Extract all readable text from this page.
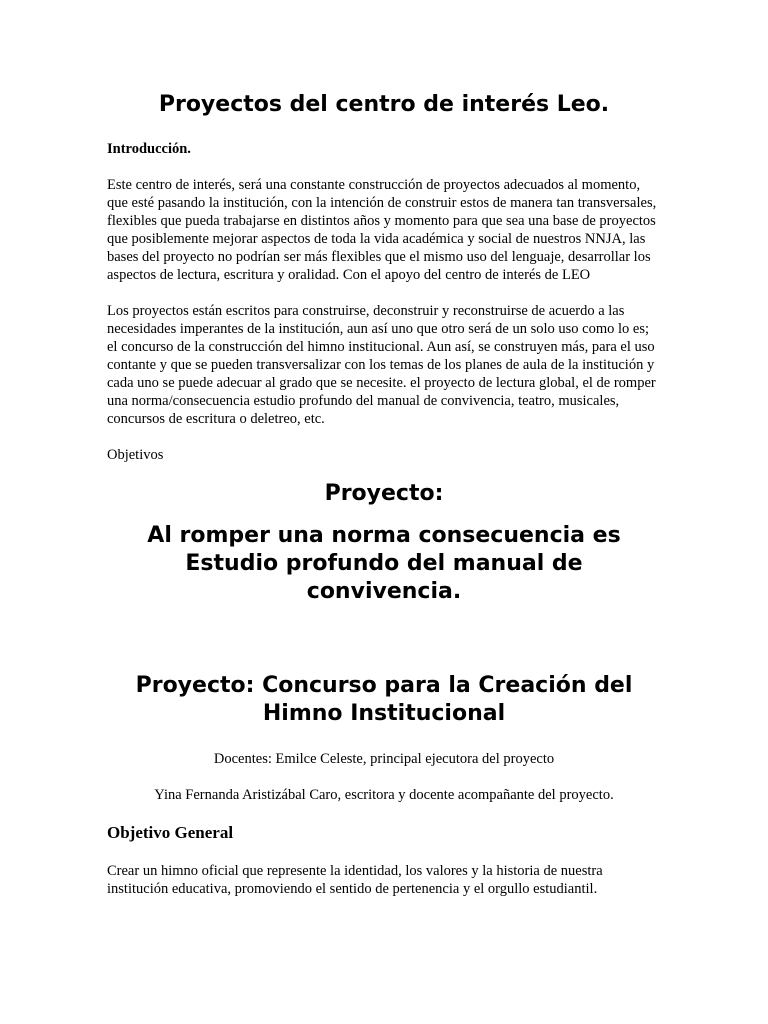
Proyectos del centro de interés Leo.
Introducción.

Este centro de interés, será una constante construcción de proyectos adecuados al momento, que esté pasando la institución, con la intención de construir estos de manera tan transversales, flexibles que pueda trabajarse en distintos años y momento para que sea una base de proyectos que posiblemente mejorar aspectos de toda la vida académica y social de nuestros NNJA, las bases del proyecto no podrían ser más flexibles que el mismo uso del lenguaje, desarrollar los aspectos de lectura, escritura y oralidad. Con el apoyo del centro de interés de LEO

Los proyectos están escritos para construirse, deconstruir y reconstruirse de acuerdo a las necesidades imperantes de la institución, aun así uno que otro será de un solo uso como lo es; el concurso de la construcción del himno institucional. Aun así, se construyen más, para el uso contante y que se pueden transversalizar con los temas de los planes de aula de la institución y cada uno se puede adecuar al grado que se necesite. el proyecto de lectura global, el de romper una norma/consecuencia estudio profundo del manual de convivencia, teatro, musicales, concursos de escritura o deletreo, etc.

Objetivos
Proyecto:
Al romper una norma consecuencia es Estudio profundo del manual de convivencia.
Proyecto: Concurso para la Creación del Himno Institucional

Docentes: Emilce Celeste, principal ejecutora del proyecto

Yina Fernanda Aristizábal Caro, escritora y docente acompañante del proyecto.

Objetivo General

Crear un himno oficial que represente la identidad, los valores y la historia de nuestra institución educativa, promoviendo el sentido de pertenencia y el orgullo estudiantil.
